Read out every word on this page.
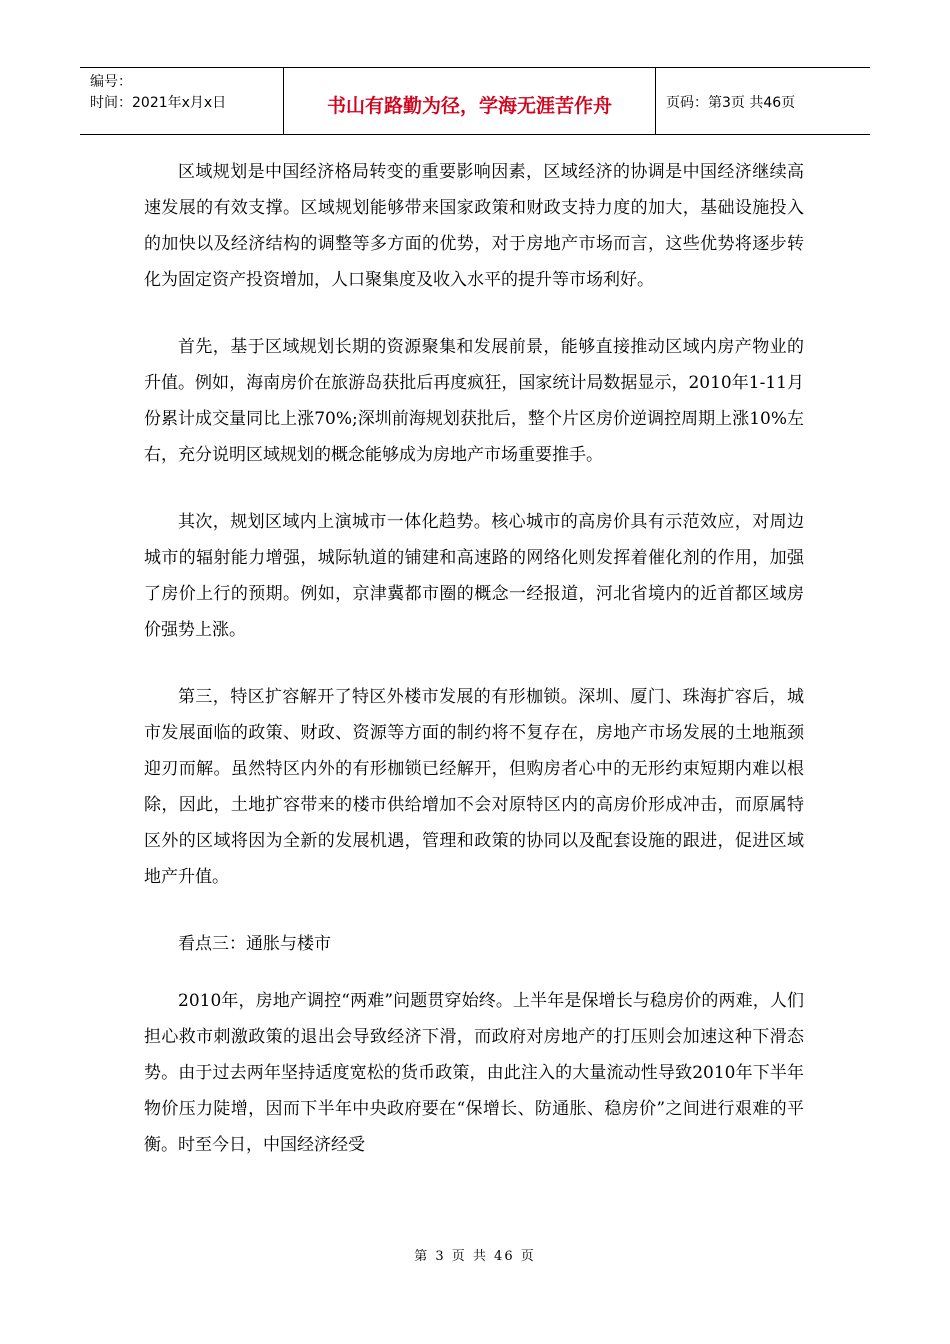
编号：
时间：2021年x月x日	书山有路勤为径，学海无涯苦作舟	页码：第3页 共46页

区域规划是中国经济格局转变的重要影响因素，区域经济的协调是中国经济继续高速发展的有效支撑。区域规划能够带来国家政策和财政支持力度的加大，基础设施投入的加快以及经济结构的调整等多方面的优势，对于房地产市场而言，这些优势将逐步转化为固定资产投资增加，人口聚集度及收入水平的提升等市场利好。

首先，基于区域规划长期的资源聚集和发展前景，能够直接推动区域内房产物业的升值。例如，海南房价在旅游岛获批后再度疯狂，国家统计局数据显示，2010年1-11月份累计成交量同比上涨70%;深圳前海规划获批后，整个片区房价逆调控周期上涨10%左右，充分说明区域规划的概念能够成为房地产市场重要推手。

其次，规划区域内上演城市一体化趋势。核心城市的高房价具有示范效应，对周边城市的辐射能力增强，城际轨道的铺建和高速路的网络化则发挥着催化剂的作用，加强了房价上行的预期。例如，京津冀都市圈的概念一经报道，河北省境内的近首都区域房价强势上涨。

第三，特区扩容解开了特区外楼市发展的有形枷锁。深圳、厦门、珠海扩容后，城市发展面临的政策、财政、资源等方面的制约将不复存在，房地产市场发展的土地瓶颈迎刃而解。虽然特区内外的有形枷锁已经解开，但购房者心中的无形约束短期内难以根除，因此，土地扩容带来的楼市供给增加不会对原特区内的高房价形成冲击，而原属特区外的区域将因为全新的发展机遇，管理和政策的协同以及配套设施的跟进，促进区域地产升值。

看点三：通胀与楼市

2010年，房地产调控“两难”问题贯穿始终。上半年是保增长与稳房价的两难，人们担心救市刺激政策的退出会导致经济下滑，而政府对房地产的打压则会加速这种下滑态势。由于过去两年坚持适度宽松的货币政策，由此注入的大量流动性导致2010年下半年物价压力陡增，因而下半年中央政府要在“保增长、防通胀、稳房价”之间进行艰难的平衡。时至今日，中国经济经受

第 3 页 共 46 页
